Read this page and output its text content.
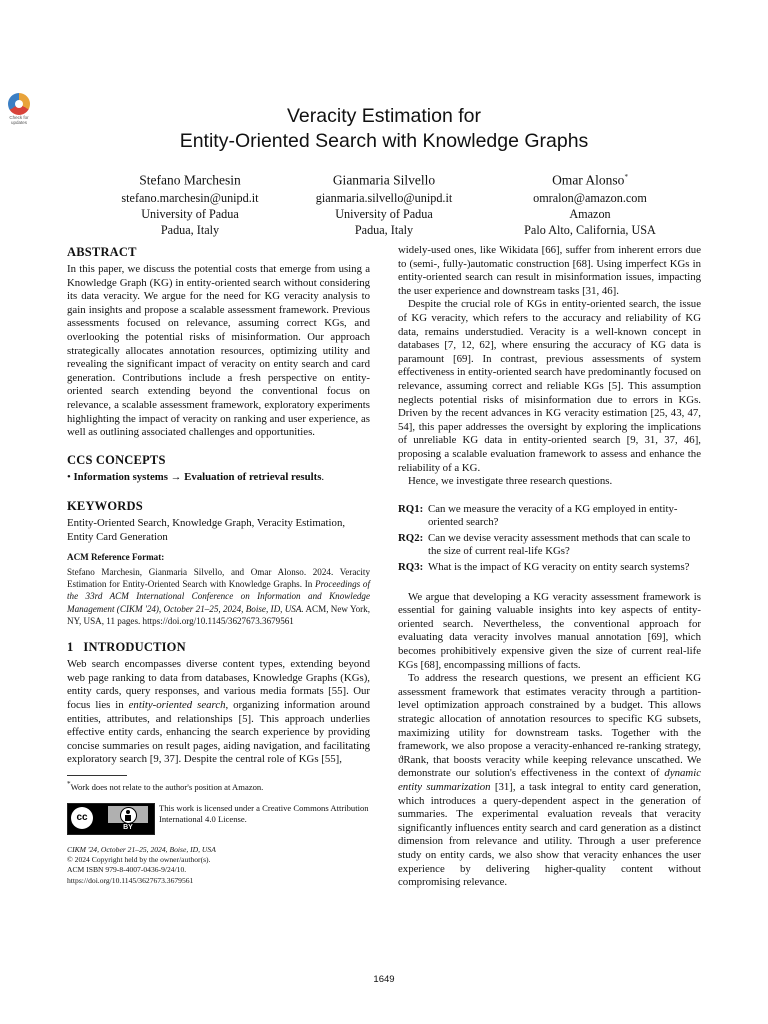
Check for
updates	Veracity Estimation for
Entity-Oriented Search with Knowledge Graphs
Stefano Marchesin
stefano.marchesin@unipd.it
University of Padua
Padua, Italy
Gianmaria Silvello
gianmaria.silvello@unipd.it
University of Padua
Padua, Italy
Omar Alonso*
omralon@amazon.com
Amazon
Palo Alto, California, USA

ABSTRACT

In this paper, we discuss the potential costs that emerge from using a Knowledge Graph (KG) in entity-oriented search without considering its data veracity. We argue for the need for KG veracity analysis to gain insights and propose a scalable assessment framework. Previous assessments focused on relevance, assuming correct KGs, and overlooking the potential risks of misinformation. Our approach strategically allocates annotation resources, optimizing utility and revealing the significant impact of veracity on entity search and card generation. Contributions include a fresh perspective on entity-oriented search extending beyond the conventional focus on relevance, a scalable assessment framework, exploratory experiments highlighting the impact of veracity on ranking and user experience, as well as outlining associated challenges and opportunities.

CCS CONCEPTS

• Information systems → Evaluation of retrieval results.

KEYWORDS

Entity-Oriented Search, Knowledge Graph, Veracity Estimation, Entity Card Generation

ACM Reference Format:
Stefano Marchesin, Gianmaria Silvello, and Omar Alonso. 2024. Veracity Estimation for Entity-Oriented Search with Knowledge Graphs. In Proceedings of the 33rd ACM International Conference on Information and Knowledge Management (CIKM '24), October 21–25, 2024, Boise, ID, USA. ACM, New York, NY, USA, 11 pages. https://doi.org/10.1145/3627673.3679561

1   INTRODUCTION

Web search encompasses diverse content types, extending beyond web page ranking to data from databases, Knowledge Graphs (KGs), entity cards, query responses, and various media formats [55]. Our focus lies in entity-oriented search, organizing information around entities, attributes, and relationships [5]. This approach underlies effective entity cards, enhancing the search experience by providing concise summaries on result pages, aiding navigation, and facilitating exploratory search [9, 37]. Despite the central role of KGs [55],

*Work does not relate to the author's position at Amazon.
cc
BY
This work is licensed under a Creative Commons Attribution International 4.0 License.
CIKM '24, October 21–25, 2024, Boise, ID, USA
© 2024 Copyright held by the owner/author(s).
ACM ISBN 979-8-4007-0436-9/24/10.
https://doi.org/10.1145/3627673.3679561

widely-used ones, like Wikidata [66], suffer from inherent errors due to (semi-, fully-)automatic construction [68]. Using imperfect KGs in entity-oriented search can result in misinformation issues, impacting the user experience and downstream tasks [31, 46].

Despite the crucial role of KGs in entity-oriented search, the issue of KG veracity, which refers to the accuracy and reliability of KG data, remains understudied. Veracity is a well-known concept in databases [7, 12, 62], where ensuring the accuracy of KG data is paramount [69]. In contrast, previous assessments of system effectiveness in entity-oriented search have predominantly focused on relevance, assuming correct and reliable KGs [5]. This assumption neglects potential risks of misinformation due to errors in KGs. Driven by the recent advances in KG veracity estimation [25, 43, 47, 54], this paper addresses the oversight by exploring the implications of unreliable KG data in entity-oriented search [9, 31, 37, 46], proposing a scalable evaluation framework to assess and enhance the reliability of a KG.

Hence, we investigate three research questions.

RQ1: Can we measure the veracity of a KG employed in entity-oriented search?
RQ2: Can we devise veracity assessment methods that can scale to the size of current real-life KGs?
RQ3: What is the impact of KG veracity on entity search systems?

We argue that developing a KG veracity assessment framework is essential for gaining valuable insights into key aspects of entity-oriented search. Nevertheless, the conventional approach for evaluating data veracity involves manual annotation [69], which becomes prohibitively expensive given the size of current real-life KGs [68], encompassing millions of facts.

To address the research questions, we present an efficient KG assessment framework that estimates veracity through a partition-level optimization approach constrained by a budget. This allows strategic allocation of annotation resources to specific KG subsets, maximizing utility for downstream tasks. Together with the framework, we also propose a veracity-enhanced re-ranking strategy, ϑRank, that boosts veracity while keeping relevance unscathed. We demonstrate our solution's effectiveness in the context of dynamic entity summarization [31], a task integral to entity card generation, which introduces a query-dependent aspect in the generation of summaries. The experimental evaluation reveals that veracity significantly influences entity search and card generation as a distinct dimension from relevance and utility. Through a user preference study on entity cards, we also show that veracity enhances the user experience by delivering higher-quality content without compromising relevance.

1649
